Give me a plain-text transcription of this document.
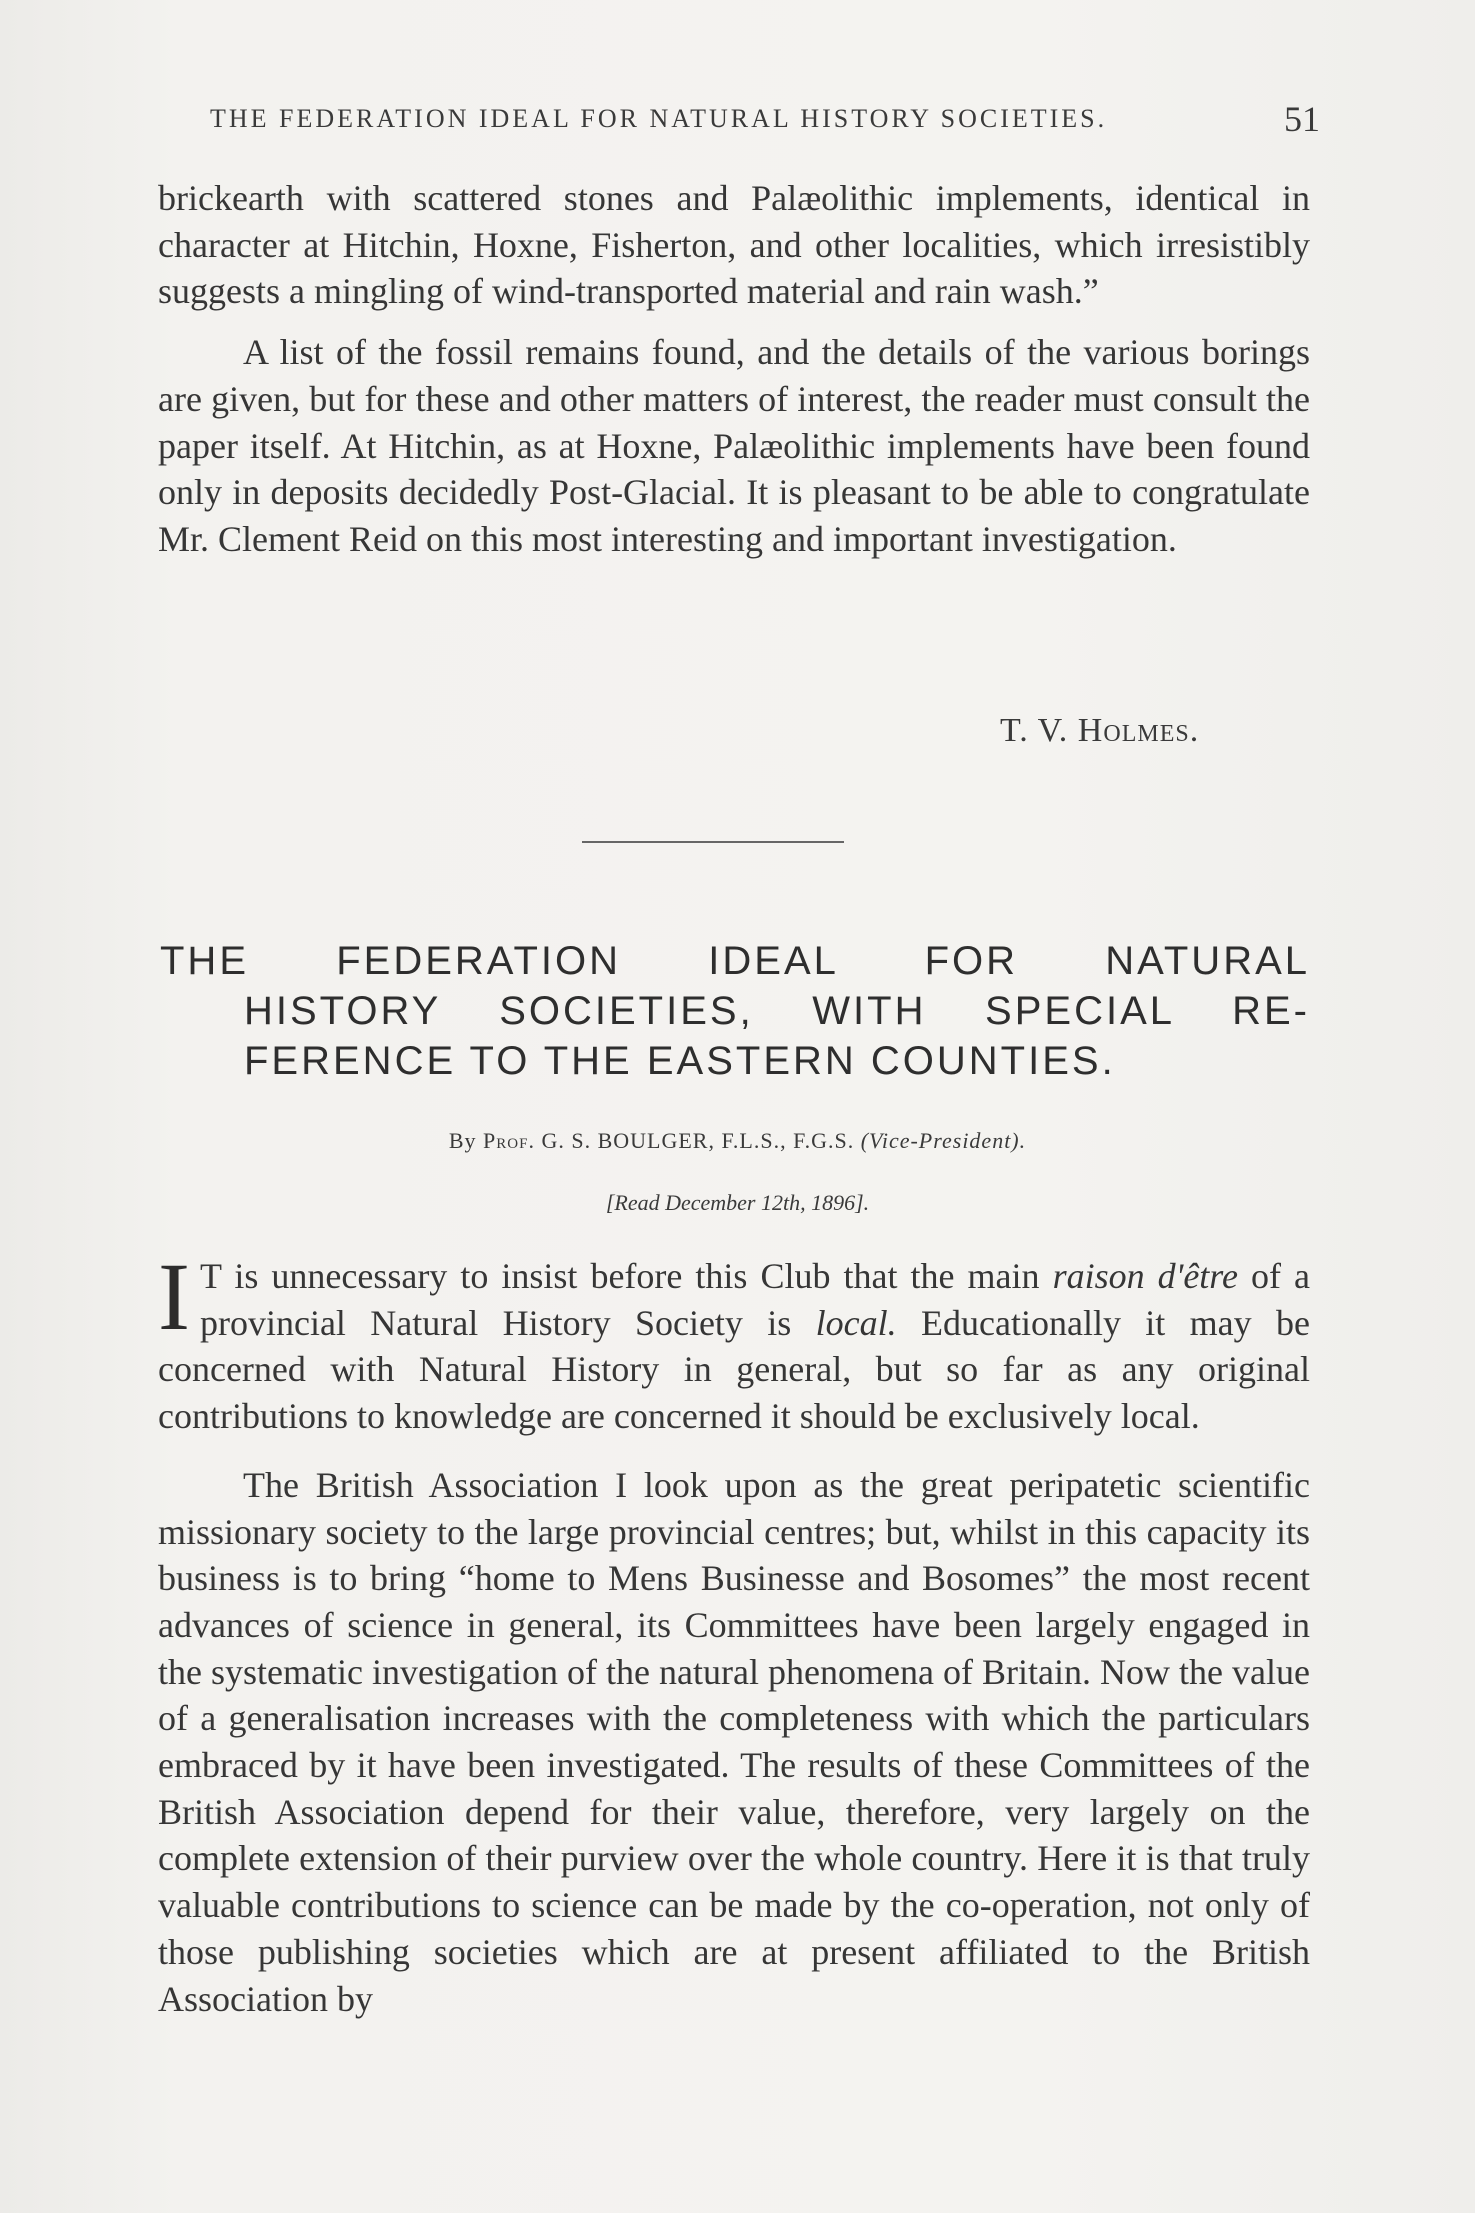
THE FEDERATION IDEAL FOR NATURAL HISTORY SOCIETIES.	51

brickearth with scattered stones and Palæolithic implements, identical in character at Hitchin, Hoxne, Fisherton, and other localities, which irresistibly suggests a mingling of wind-transported material and rain wash.”

A list of the fossil remains found, and the details of the various borings are given, but for these and other matters of interest, the reader must consult the paper itself. At Hitchin, as at Hoxne, Palæolithic implements have been found only in deposits decidedly Post-Glacial. It is pleasant to be able to congratulate Mr. Clement Reid on this most interesting and important investigation.

T. V. Holmes.
THE FEDERATION IDEAL FOR NATURAL
HISTORY SOCIETIES, WITH SPECIAL RE-
FERENCE TO THE EASTERN COUNTIES.
By Prof. G. S. BOULGER, F.L.S., F.G.S. (Vice-President).
[Read December 12th, 1896].

I T is unnecessary to insist before this Club that the main raison d'être of a provincial Natural History Society is local. Educationally it may be concerned with Natural History in general, but so far as any original contributions to knowledge are concerned it should be exclusively local.

The British Association I look upon as the great peripatetic scientific missionary society to the large provincial centres; but, whilst in this capacity its business is to bring “home to Mens Businesse and Bosomes” the most recent advances of science in general, its Committees have been largely engaged in the systematic investigation of the natural phenomena of Britain. Now the value of a generalisation increases with the completeness with which the particulars embraced by it have been investigated. The results of these Committees of the British Association depend for their value, therefore, very largely on the complete extension of their purview over the whole country. Here it is that truly valuable contributions to science can be made by the co-operation, not only of those publishing societies which are at present affiliated to the British Association by
